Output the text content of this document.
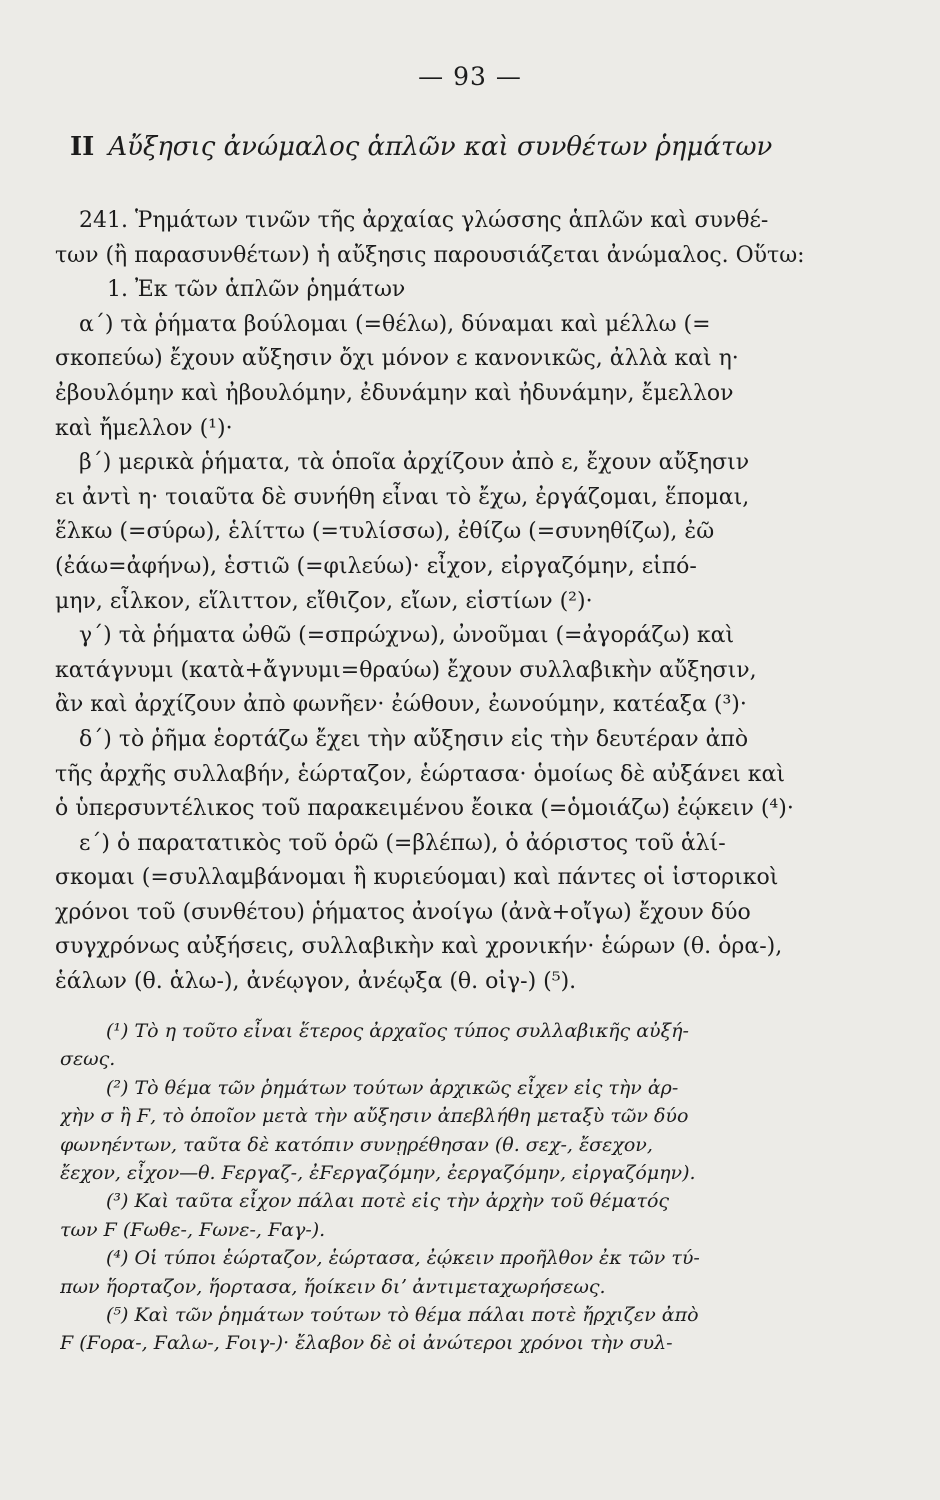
— 93 —
II Αὔξησις ἀνώμαλος ἁπλῶν καὶ συνθέτων ῥημάτων
241. Ῥημάτων τινῶν τῆς ἀρχαίας γλώσσης ἁπλῶν καὶ συνθέ-
των (ἢ παρασυνθέτων) ἡ αὔξησις παρουσιάζεται ἀνώμαλος. Οὕτω:
1. Ἐκ τῶν ἁπλῶν ῥημάτων
α΄) τὰ ῥήματα βούλομαι (=θέλω), δύναμαι καὶ μέλλω (=
σκοπεύω) ἔχουν αὔξησιν ὄχι μόνον ε κανονικῶς, ἀλλὰ καὶ η·
ἐβουλόμην καὶ ἠβουλόμην, ἐδυνάμην καὶ ἠδυνάμην, ἔμελλον
καὶ ἤμελλον (¹)·
β΄) μερικὰ ῥήματα, τὰ ὁποῖα ἀρχίζουν ἀπὸ ε, ἔχουν αὔξησιν
ει ἀντὶ η· τοιαῦτα δὲ συνήθη εἶναι τὸ ἔχω, ἐργάζομαι, ἕπομαι,
ἕλκω (=σύρω), ἑλίττω (=τυλίσσω), ἐθίζω (=συνηθίζω), ἐῶ
(ἐάω=ἀφήνω), ἑστιῶ (=φιλεύω)· εἶχον, εἰργαζόμην, εἱπό-
μην, εἷλκον, εἵλιττον, εἴθιζον, εἴων, εἱστίων (²)·
γ΄) τὰ ῥήματα ὠθῶ (=σπρώχνω), ὠνοῦμαι (=ἀγοράζω) καὶ
κατάγνυμι (κατὰ+ἄγνυμι=θραύω) ἔχουν συλλαβικὴν αὔξησιν,
ἂν καὶ ἀρχίζουν ἀπὸ φωνῆεν· ἐώθουν, ἐωνούμην, κατέαξα (³)·
δ΄) τὸ ῥῆμα ἑορτάζω ἔχει τὴν αὔξησιν εἰς τὴν δευτέραν ἀπὸ
τῆς ἀρχῆς συλλαβήν, ἑώρταζον, ἑώρτασα· ὁμοίως δὲ αὐξάνει καὶ
ὁ ὑπερσυντέλικος τοῦ παρακειμένου ἔοικα (=ὁμοιάζω) ἐῴκειν (⁴)·
ε΄) ὁ παρατατικὸς τοῦ ὁρῶ (=βλέπω), ὁ ἀόριστος τοῦ ἁλί-
σκομαι (=συλλαμβάνομαι ἢ κυριεύομαι) καὶ πάντες οἱ ἱστορικοὶ
χρόνοι τοῦ (συνθέτου) ῥήματος ἀνοίγω (ἀνὰ+οἴγω) ἔχουν δύο
συγχρόνως αὐξήσεις, συλλαβικὴν καὶ χρονικήν· ἑώρων (θ. ὁρα-),
ἑάλων (θ. ἁλω-), ἀνέῳγον, ἀνέῳξα (θ. οἰγ-) (⁵).
(¹) Τὸ η τοῦτο εἶναι ἕτερος ἀρχαῖος τύπος συλλαβικῆς αὐξή-
σεως.
(²) Τὸ θέμα τῶν ῥημάτων τούτων ἀρχικῶς εἶχεν εἰς τὴν ἀρ-
χὴν σ ἢ Ϝ, τὸ ὁποῖον μετὰ τὴν αὔξησιν ἀπεβλήθη μεταξὺ τῶν δύο
φωνηέντων, ταῦτα δὲ κατόπιν συνῃρέθησαν (θ. σεχ-, ἔσεχον,
ἔεχον, εἶχον—θ. Ϝεργαζ-, ἐϜεργαζόμην, ἐεργαζόμην, εἰργαζόμην).
(³) Καὶ ταῦτα εἶχον πάλαι ποτὲ εἰς τὴν ἀρχὴν τοῦ θέματός
των Ϝ (Ϝωθε-, Ϝωνε-, Ϝαγ-).
(⁴) Οἱ τύποι ἑώρταζον, ἑώρτασα, ἐῴκειν προῆλθον ἐκ τῶν τύ-
πων ἥορταζον, ἥορτασα, ἥοίκειν διʼ ἀντιμεταχωρήσεως.
(⁵) Καὶ τῶν ῥημάτων τούτων τὸ θέμα πάλαι ποτὲ ἤρχιζεν ἀπὸ
Ϝ (Ϝορα-, Ϝαλω-, Ϝοιγ-)· ἔλαβον δὲ οἱ ἀνώτεροι χρόνοι τὴν συλ-
